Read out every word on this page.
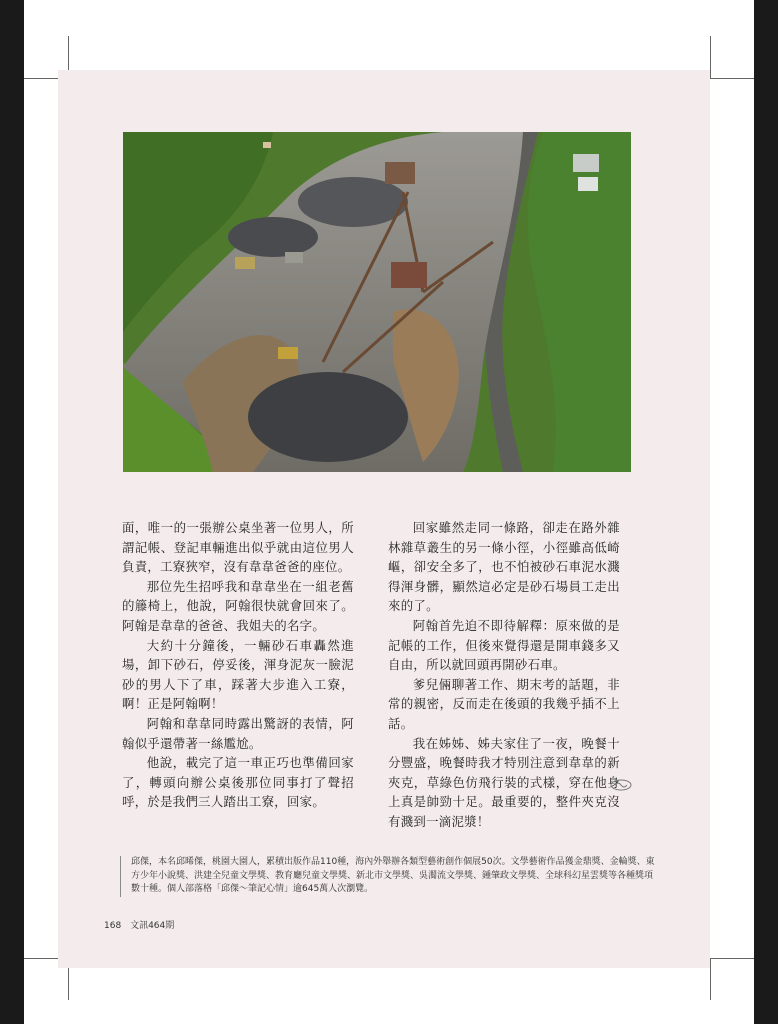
面，唯一的一張辦公桌坐著一位男人，所謂記帳、登記車輛進出似乎就由這位男人負責，工寮狹窄，沒有韋韋爸爸的座位。

那位先生招呼我和韋韋坐在一組老舊的籐椅上，他說，阿翰很快就會回來了。阿翰是韋韋的爸爸、我姐夫的名字。

大約十分鐘後，一輛砂石車轟然進場，卸下砂石，停妥後，渾身泥灰一臉泥砂的男人下了車，踩著大步進入工寮，啊！正是阿翰啊！

阿翰和韋韋同時露出驚訝的表情，阿翰似乎還帶著一絲尷尬。

他說，載完了這一車正巧也準備回家了，轉頭向辦公桌後那位同事打了聲招呼，於是我們三人踏出工寮，回家。

回家雖然走同一條路，卻走在路外雜林雜草叢生的另一條小徑，小徑雖高低崎嶇，卻安全多了，也不怕被砂石車泥水濺得渾身髒，顯然這必定是砂石場員工走出來的了。

阿翰首先迫不即待解釋：原來做的是記帳的工作，但後來覺得還是開車錢多又自由，所以就回頭再開砂石車。

爹兒倆聊著工作、期末考的話題，非常的親密，反而走在後頭的我幾乎插不上話。

我在姊姊、姊夫家住了一夜，晚餐十分豐盛，晚餐時我才特別注意到韋韋的新夾克，草綠色仿飛行裝的式樣，穿在他身上真是帥勁十足。最重要的，整件夾克沒有濺到一滴泥漿！

邱傑，本名邱晞傑，桃園大園人，累積出版作品110種，海內外舉辦各類型藝術創作個展50次。文學藝術作品獲金鼎獎、金輪獎、東方少年小說獎、洪建全兒童文學獎、教育廳兒童文學獎、新北市文學獎、吳濁流文學獎、鍾肇政文學獎、全球科幻星雲獎等各種獎項數十種。個人部落格「邱傑～筆記心情」逾645萬人次瀏覽。
168 文訊464期
